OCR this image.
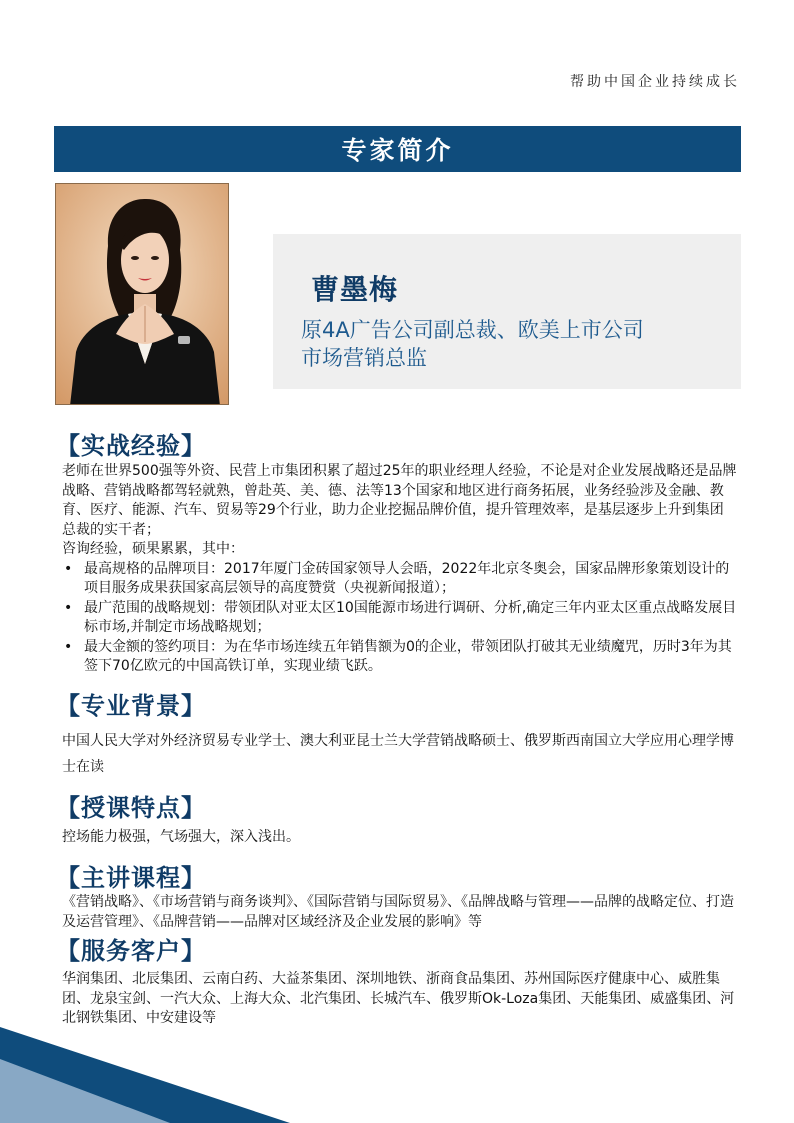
帮助中国企业持续成长
专家简介
曹墨梅
原4A广告公司副总裁、欧美上市公司
市场营销总监
【实战经验】
老师在世界500强等外资、民营上市集团积累了超过25年的职业经理人经验，不论是对企业发展战略还是品牌战略、营销战略都驾轻就熟，曾赴英、美、德、法等13个国家和地区进行商务拓展，业务经验涉及金融、教育、医疗、能源、汽车、贸易等29个行业，助力企业挖掘品牌价值，提升管理效率，是基层逐步上升到集团总裁的实干者；
咨询经验，硕果累累，其中：
• 最高规格的品牌项目：2017年厦门金砖国家领导人会晤，2022年北京冬奥会，国家品牌形象策划设计的项目服务成果获国家高层领导的高度赞赏（央视新闻报道）；
• 最广范围的战略规划：带领团队对亚太区10国能源市场进行调研、分析,确定三年内亚太区重点战略发展目标市场,并制定市场战略规划；
• 最大金额的签约项目：为在华市场连续五年销售额为0的企业，带领团队打破其无业绩魔咒，历时3年为其签下70亿欧元的中国高铁订单，实现业绩飞跃。
【专业背景】
中国人民大学对外经济贸易专业学士、澳大利亚昆士兰大学营销战略硕士、俄罗斯西南国立大学应用心理学博士在读
【授课特点】
控场能力极强，气场强大，深入浅出。
【主讲课程】
《营销战略》、《市场营销与商务谈判》、《国际营销与国际贸易》、《品牌战略与管理——品牌的战略定位、打造及运营管理》、《品牌营销——品牌对区域经济及企业发展的影响》等
【服务客户】
华润集团、北辰集团、云南白药、大益茶集团、深圳地铁、浙商食品集团、苏州国际医疗健康中心、威胜集团、龙泉宝剑、一汽大众、上海大众、北汽集团、长城汽车、俄罗斯Ok-Loza集团、天能集团、威盛集团、河北钢铁集团、中安建设等
